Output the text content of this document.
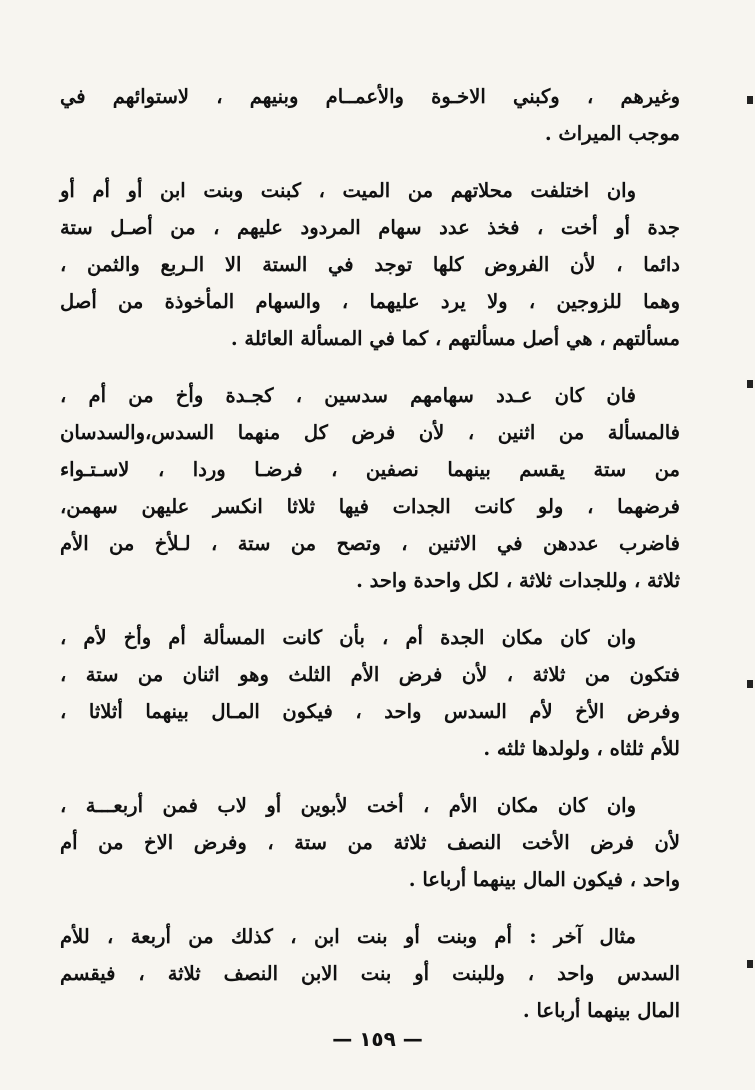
وغيرهم ، وكبني الاخـوة والأعمــام وبنيهم ، لاستوائهم في
موجب الميراث .
وان اختلفت محلاتهم من الميت ، كبنت وبنت ابن أو أم أو
جدة أو أخت ، فخذ عدد سهام المردود عليهم ، من أصـل ستة
دائما ، لأن الفروض كلها توجد في الستة الا الـربع والثمن ،
وهما للزوجين ، ولا يرد عليهما ، والسهام المأخوذة من أصل
مسألتهم ، هي أصل مسألتهم ، كما في المسألة العائلة .
فان كان عـدد سهامهم سدسين ، كجـدة وأخ من أم ،
فالمسألة من اثنين ، لأن فرض كل منهما السدس،والسدسان
من ستة يقسم بينهما نصفين ، فرضـا وردا ، لاسـتـواء
فرضهما ، ولو كانت الجدات فيها ثلاثا انكسر عليهن سهمن،
فاضرب عددهن في الاثنين ، وتصح من ستة ، لـلأخ من الأم
ثلاثة ، وللجدات ثلاثة ، لكل واحدة واحد .
وان كان مكان الجدة أم ، بأن كانت المسألة أم وأخ لأم ،
فتكون من ثلاثة ، لأن فرض الأم الثلث وهو اثنان من ستة ،
وفرض الأخ لأم السدس واحد ، فيكون المـال بينهما أثلاثا ،
للأم ثلثاه ، ولولدها ثلثه .
وان كان مكان الأم ، أخت لأبوين أو لاب فمن أربعـــة ،
لأن فرض الأخت النصف ثلاثة من ستة ، وفرض الاخ من أم
واحد ، فيكون المال بينهما أرباعا .
مثال آخر : أم وبنت أو بنت ابن ، كذلك من أربعة ، للأم
السدس واحد ، وللبنت أو بنت الابن النصف ثلاثة ، فيقسم
المال بينهما أرباعا .
— ١٥٩ —
